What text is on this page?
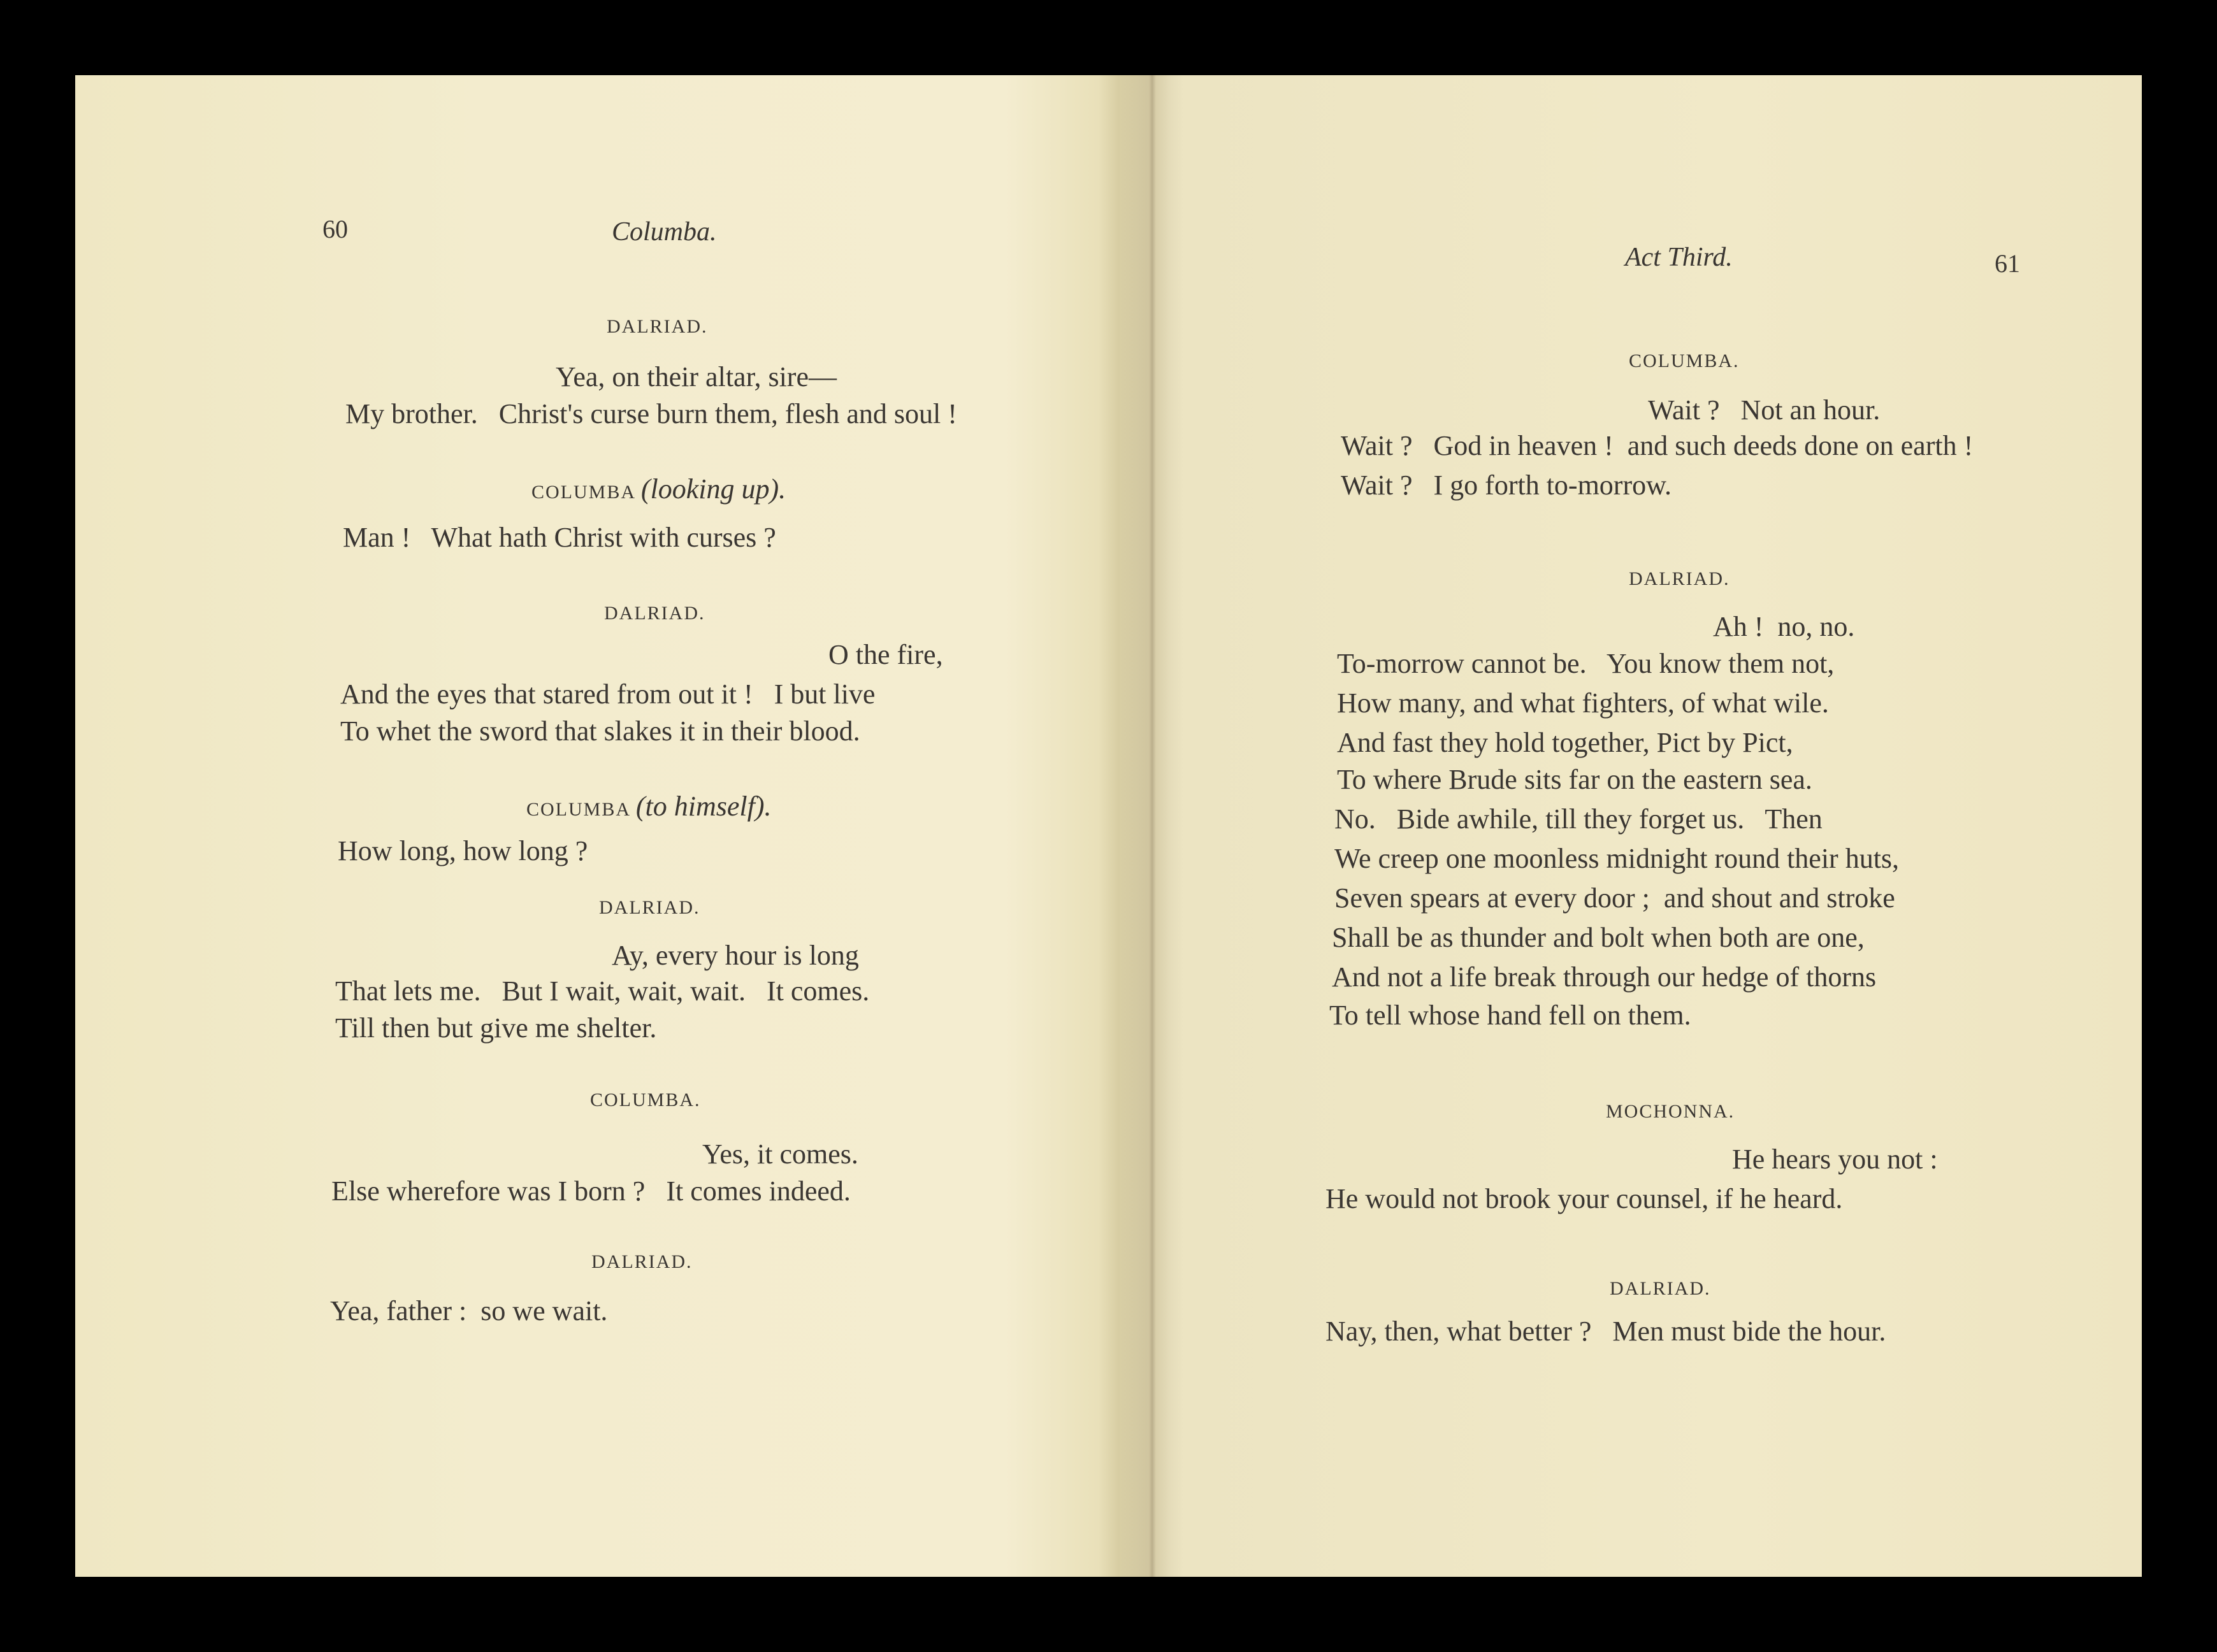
60	Columba.
DALRIAD.
Yea, on their altar, sire—
My brother.   Christ's curse burn them, flesh and soul !
COLUMBA (looking up).
Man !   What hath Christ with curses ?
DALRIAD.
O the fire,
And the eyes that stared from out it !   I but live
To whet the sword that slakes it in their blood.
COLUMBA (to himself).
How long, how long ?
DALRIAD.
Ay, every hour is long
That lets me.   But I wait, wait, wait.   It comes.
Till then but give me shelter.
COLUMBA.
Yes, it comes.
Else wherefore was I born ?   It comes indeed.
DALRIAD.
Yea, father :  so we wait.
Act Third.	61
COLUMBA.
Wait ?   Not an hour.
Wait ?   God in heaven !  and such deeds done on earth !
Wait ?   I go forth to-morrow.
DALRIAD.
Ah !  no, no.
To-morrow cannot be.   You know them not,
How many, and what fighters, of what wile.
And fast they hold together, Pict by Pict,
To where Brude sits far on the eastern sea.
No.   Bide awhile, till they forget us.   Then
We creep one moonless midnight round their huts,
Seven spears at every door ;  and shout and stroke
Shall be as thunder and bolt when both are one,
And not a life break through our hedge of thorns
To tell whose hand fell on them.
MOCHONNA.
He hears you not :
He would not brook your counsel, if he heard.
DALRIAD.
Nay, then, what better ?   Men must bide the hour.
